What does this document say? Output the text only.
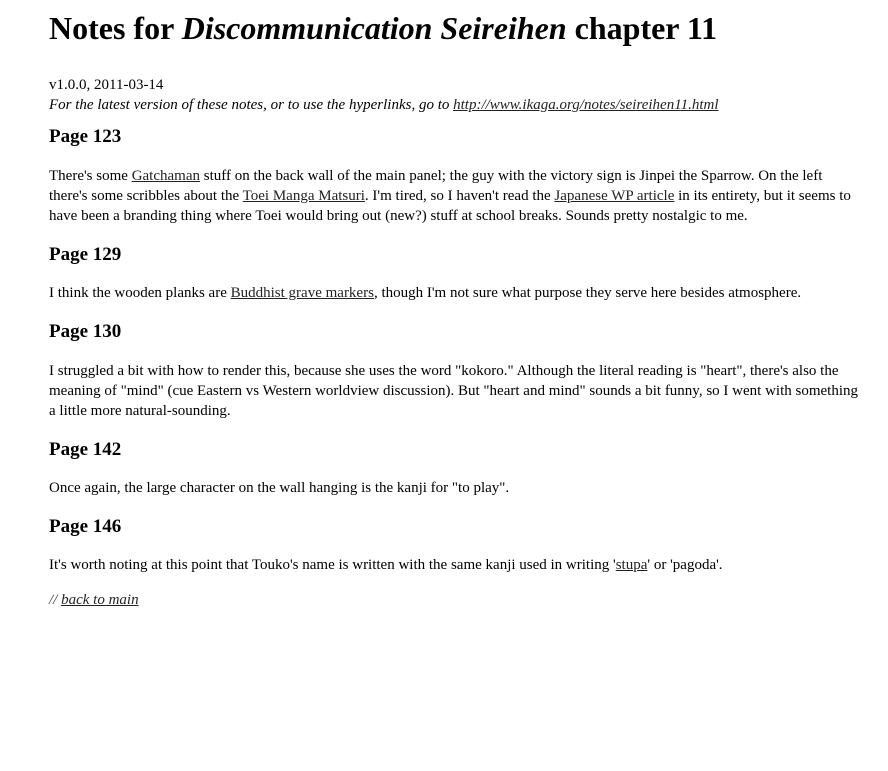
Notes for Discommunication Seireihen chapter 11
v1.0.0, 2011-03-14
For the latest version of these notes, or to use the hyperlinks, go to http://www.ikaga.org/notes/seireihen11.html
Page 123

There's some Gatchaman stuff on the back wall of the main panel; the guy with the victory sign is Jinpei the Sparrow. On the left there's some scribbles about the Toei Manga Matsuri. I'm tired, so I haven't read the Japanese WP article in its entirety, but it seems to have been a branding thing where Toei would bring out (new?) stuff at school breaks. Sounds pretty nostalgic to me.

Page 129

I think the wooden planks are Buddhist grave markers, though I'm not sure what purpose they serve here besides atmosphere.

Page 130

I struggled a bit with how to render this, because she uses the word "kokoro." Although the literal reading is "heart", there's also the meaning of "mind" (cue Eastern vs Western worldview discussion). But "heart and mind" sounds a bit funny, so I went with something a little more natural-sounding.

Page 142

Once again, the large character on the wall hanging is the kanji for "to play".

Page 146

It's worth noting at this point that Touko's name is written with the same kanji used in writing 'stupa' or 'pagoda'.

// back to main
